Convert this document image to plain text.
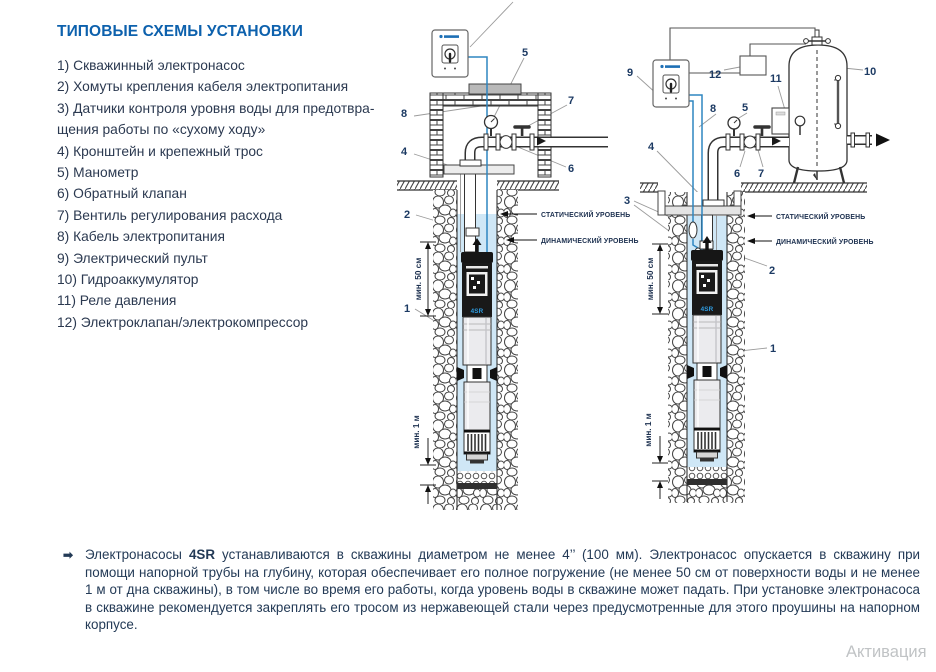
ТИПОВЫЕ СХЕМЫ УСТАНОВКИ
1) Скважинный электронасос
2) Хомуты крепления кабеля электропитания
3) Датчики контроля уровня воды для предотвра-
щения работы по «сухому ходу»
4) Кронштейн и крепежный трос
5) Манометр
6) Обратный клапан
7) Вентиль регулирования расхода
8) Кабель электропитания
9) Электрический пульт
10) Гидроаккумулятор
11) Реле давления
12) Электроклапан/электрокомпрессор
4SR
СТАТИЧЕСКИЙ УРОВЕНЬ
ДИНАМИЧЕСКИЙ УРОВЕНЬ
мин. 50 см
мин. 1 м
5
7
8
4
6
2
1
СТАТИЧЕСКИЙ УРОВЕНЬ
ДИНАМИЧЕСКИЙ УРОВЕНЬ
мин. 50 см
мин. 1 м
9	12	11
10
5
8
4
3
6 7
2
1
➡ Электронасосы 4SR устанавливаются в скважины диаметром не менее 4’’ (100 мм). Электронасос опускается в скважину при помощи напорной трубы на глубину, которая обеспечивает его полное погружение (не менее 50 см от поверхности воды и не менее 1 м от дна скважины), в том числе во время его работы, когда уровень воды в скважине может падать. При установке электронасоса в скважине рекомендуется закреплять его тросом из нержавеющей стали через предусмотренные для этого проушины на напорном корпусе.
Активация
